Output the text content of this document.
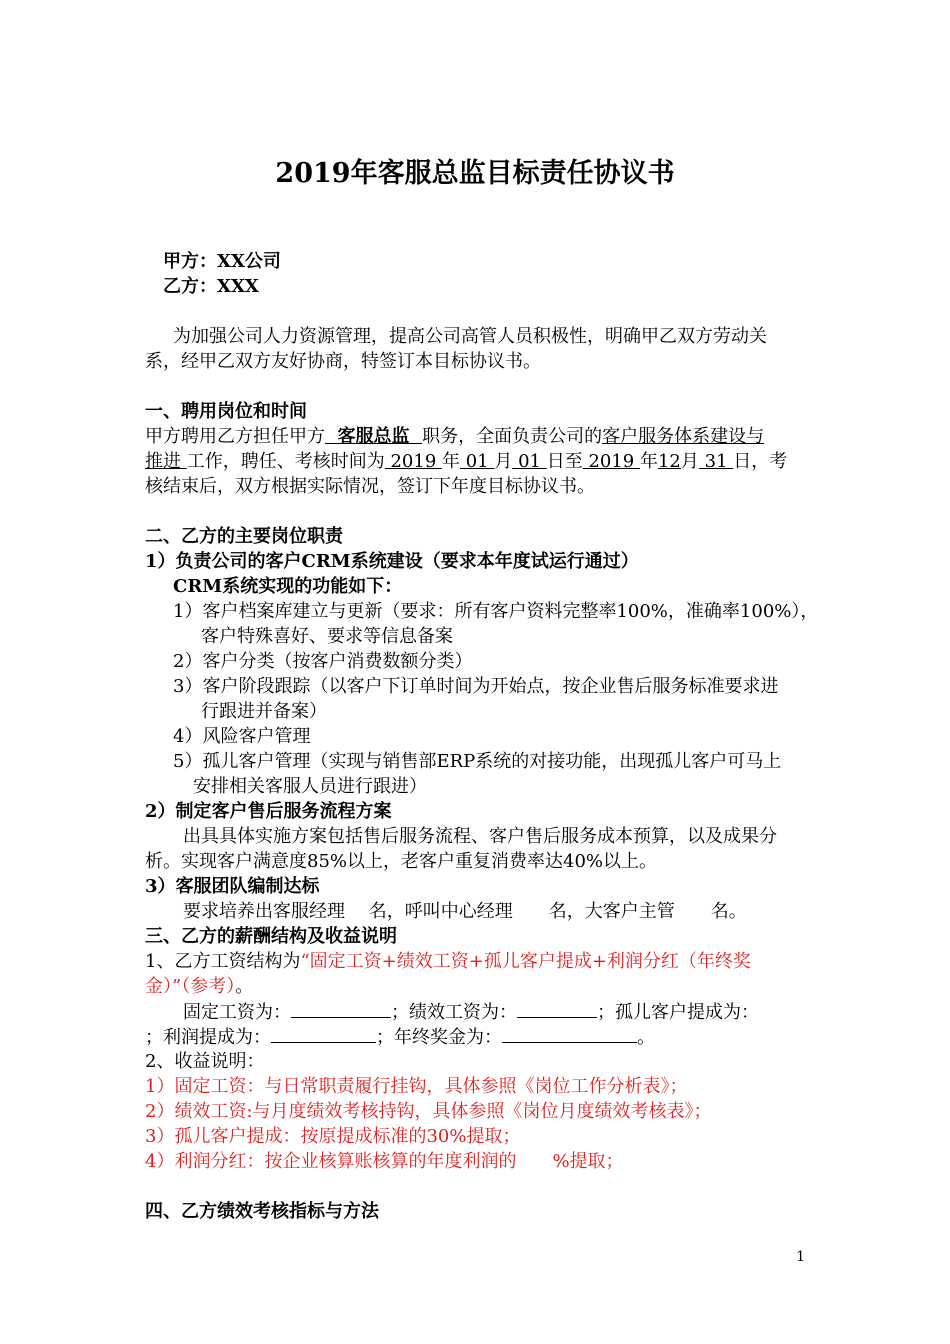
2019年客服总监目标责任协议书
甲方：XX公司
乙方：XXX
为加强公司人力资源管理，提高公司高管人员积极性，明确甲乙双方劳动关
系，经甲乙双方友好协商，特签订本目标协议书。
一、聘用岗位和时间
甲方聘用乙方担任甲方  客服总监  职务，全面负责公司的客户服务体系建设与
推进 工作，聘任、考核时间为 2019 年 01 月 01 日至 2019 年12月 31 日，考
核结束后，双方根据实际情况，签订下年度目标协议书。
二、乙方的主要岗位职责
1）负责公司的客户CRM系统建设（要求本年度试运行通过）
CRM系统实现的功能如下：
1）客户档案库建立与更新（要求：所有客户资料完整率100%，准确率100%），
客户特殊喜好、要求等信息备案
2）客户分类（按客户消费数额分类）
3）客户阶段跟踪（以客户下订单时间为开始点，按企业售后服务标准要求进
行跟进并备案）
4）风险客户管理
5）孤儿客户管理（实现与销售部ERP系统的对接功能，出现孤儿客户可马上
安排相关客服人员进行跟进）
2）制定客户售后服务流程方案
出具具体实施方案包括售后服务流程、客户售后服务成本预算，以及成果分
析。实现客户满意度85%以上，老客户重复消费率达40%以上。
3）客服团队编制达标
要求培养出客服经理　 名，呼叫中心经理　　名，大客户主管　　名。
三、乙方的薪酬结构及收益说明
1、乙方工资结构为“固定工资+绩效工资+孤儿客户提成+利润分红（年终奖
金）”（参考）。
固定工资为：	；绩效工资为：	；孤儿客户提成为：
；利润提成为：	；年终奖金为：	。
2、收益说明：
1）固定工资：与日常职责履行挂钩，具体参照《岗位工作分析表》；
2）绩效工资:与月度绩效考核持钩，具体参照《岗位月度绩效考核表》；
3）孤儿客户提成：按原提成标准的30%提取；
4）利润分红：按企业核算账核算的年度利润的　　%提取；
四、乙方绩效考核指标与方法
1
